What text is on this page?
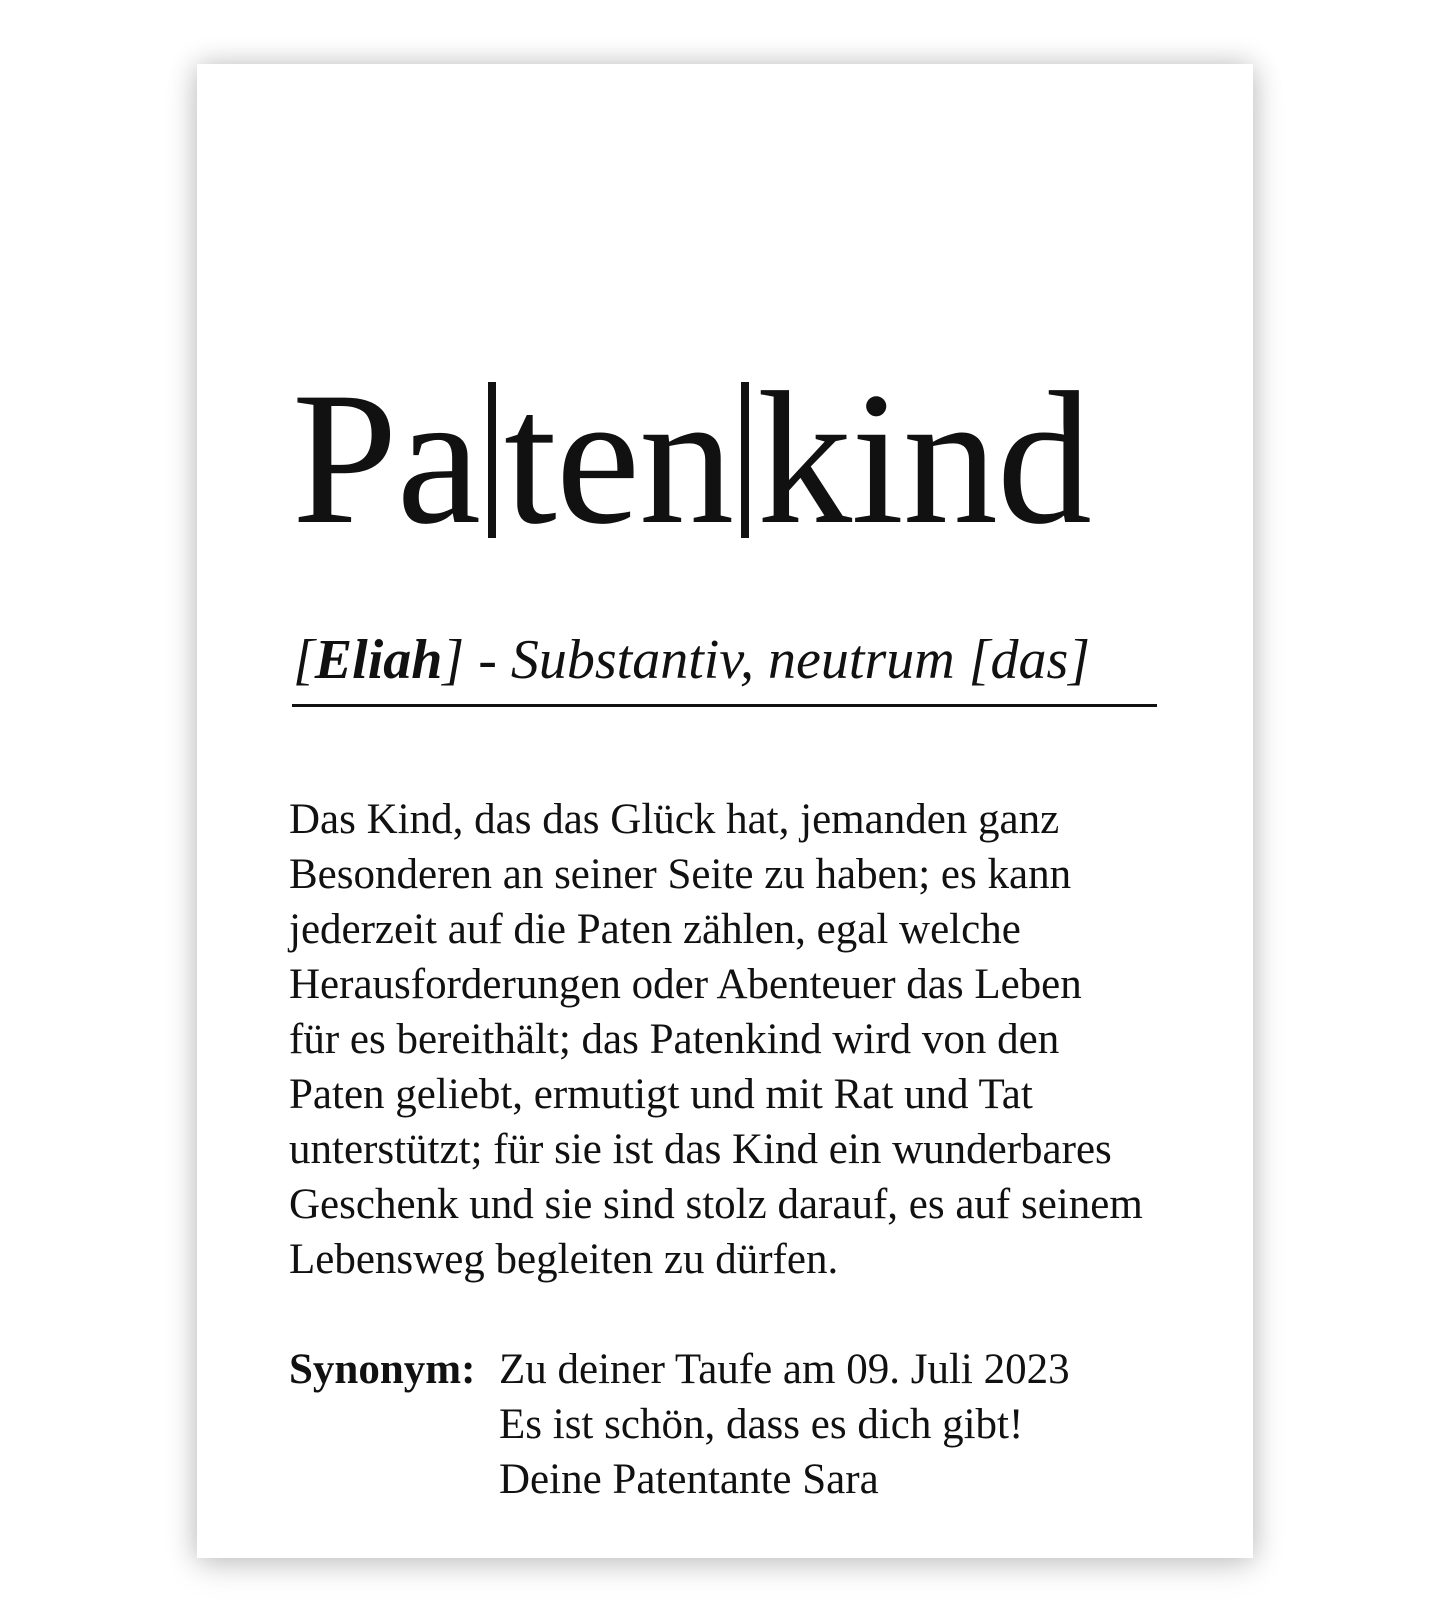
Pa ten kind

[Eliah] - Substantiv, neutrum [das]

Das Kind, das das Glück hat, jemanden ganz
Besonderen an seiner Seite zu haben; es kann
jederzeit auf die Paten zählen, egal welche
Herausforderungen oder Abenteuer das Leben
für es bereithält; das Patenkind wird von den
Paten geliebt, ermutigt und mit Rat und Tat
unterstützt; für sie ist das Kind ein wunderbares
Geschenk und sie sind stolz darauf, es auf seinem
Lebensweg begleiten zu dürfen.
Synonym: Zu deiner Taufe am 09. Juli 2023
Es ist schön, dass es dich gibt!
Deine Patentante Sara
